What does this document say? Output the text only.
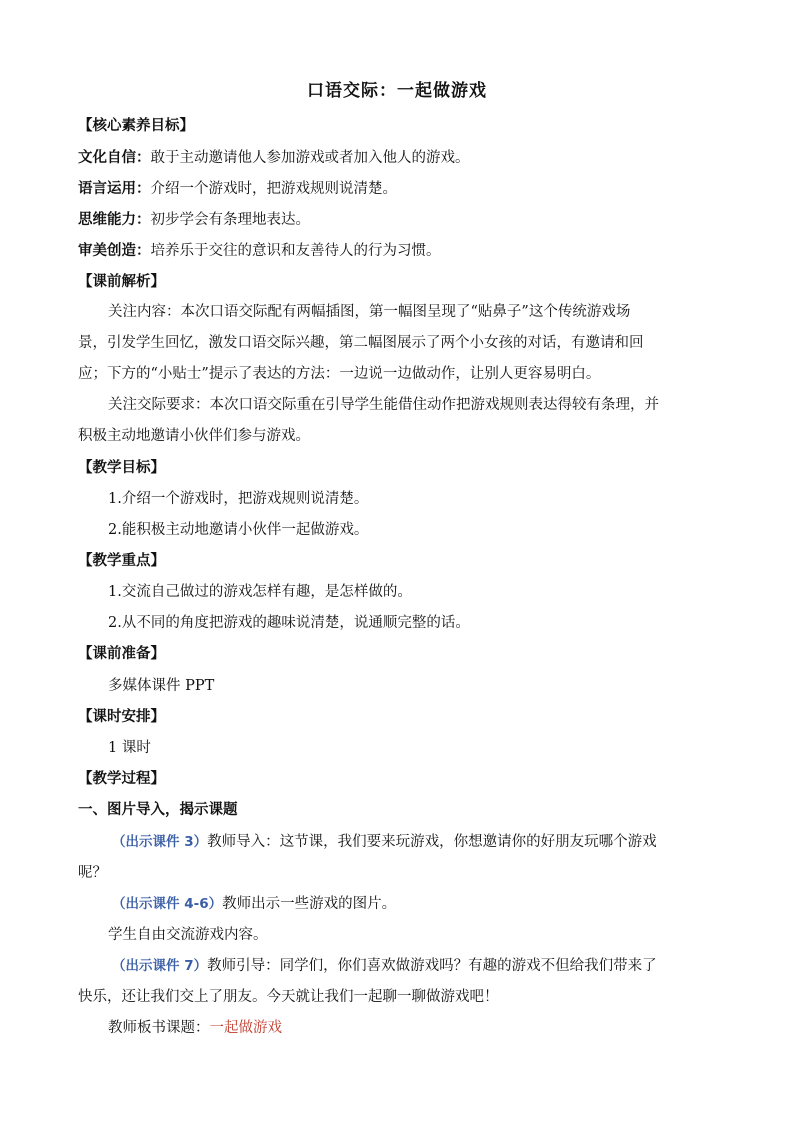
口语交际：一起做游戏
【核心素养目标】
文化自信：敢于主动邀请他人参加游戏或者加入他人的游戏。
语言运用：介绍一个游戏时，把游戏规则说清楚。
思维能力：初步学会有条理地表达。
审美创造：培养乐于交往的意识和友善待人的行为习惯。
【课前解析】
关注内容：本次口语交际配有两幅插图，第一幅图呈现了“贴鼻子”这个传统游戏场
景，引发学生回忆，激发口语交际兴趣，第二幅图展示了两个小女孩的对话，有邀请和回
应；下方的“小贴士”提示了表达的方法：一边说一边做动作，让别人更容易明白。
关注交际要求：本次口语交际重在引导学生能借住动作把游戏规则表达得较有条理，并
积极主动地邀请小伙伴们参与游戏。
【教学目标】
1.介绍一个游戏时，把游戏规则说清楚。
2.能积极主动地邀请小伙伴一起做游戏。
【教学重点】
1.交流自己做过的游戏怎样有趣，是怎样做的。
2.从不同的角度把游戏的趣味说清楚，说通顺完整的话。
【课前准备】
多媒体课件 PPT
【课时安排】
1 课时
【教学过程】
一、图片导入，揭示课题
（出示课件 3）教师导入：这节课，我们要来玩游戏，你想邀请你的好朋友玩哪个游戏
呢？
（出示课件 4-6）教师出示一些游戏的图片。
学生自由交流游戏内容。
（出示课件 7）教师引导：同学们，你们喜欢做游戏吗？有趣的游戏不但给我们带来了
快乐，还让我们交上了朋友。今天就让我们一起聊一聊做游戏吧！
教师板书课题：一起做游戏
